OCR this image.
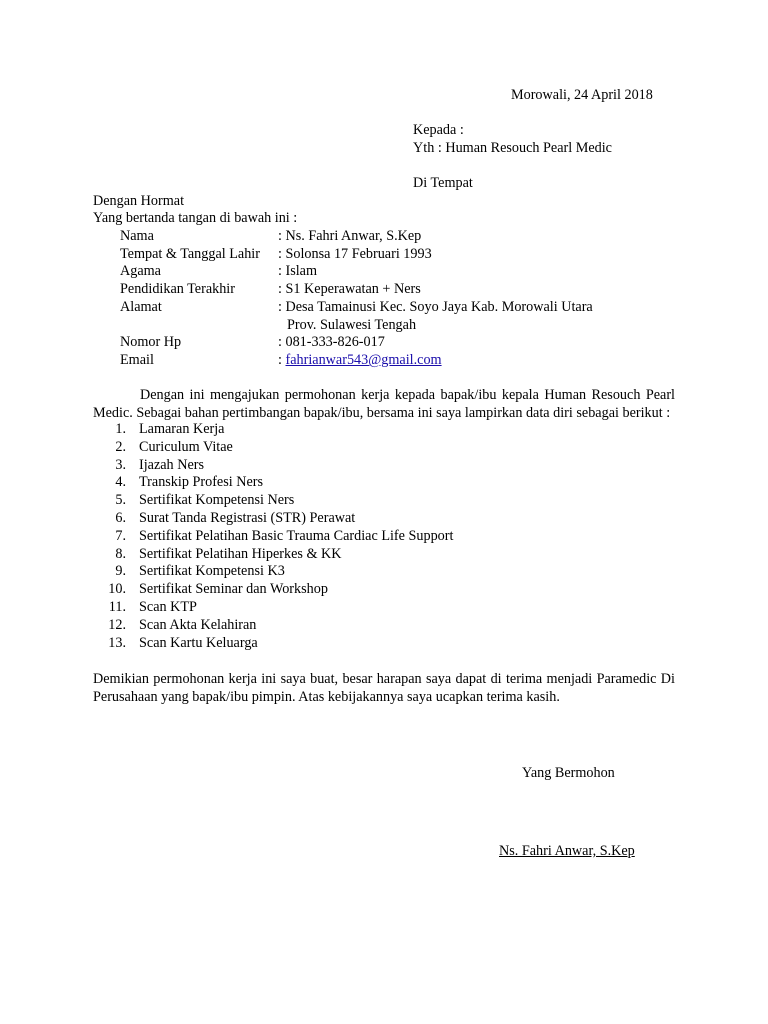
Morowali, 24 April 2018
Kepada :
Yth : Human Resouch Pearl Medic
Di Tempat
Dengan Hormat
Yang bertanda tangan di bawah ini :
Nama	: Ns. Fahri Anwar, S.Kep
Tempat & Tanggal Lahir : Solonsa 17 Februari 1993
Agama	: Islam
Pendidikan Terakhir	: S1 Keperawatan + Ners
Alamat	: Desa Tamainusi Kec. Soyo Jaya Kab. Morowali Utara
Prov. Sulawesi Tengah
Nomor Hp	: 081-333-826-017
Email	: fahrianwar543@gmail.com
Dengan ini mengajukan permohonan kerja kepada bapak/ibu kepala Human Resouch Pearl
Medic. Sebagai bahan pertimbangan bapak/ibu, bersama ini saya lampirkan data diri sebagai berikut :
1. Lamaran Kerja
2. Curiculum Vitae
3. Ijazah Ners
4. Transkip Profesi Ners
5. Sertifikat Kompetensi Ners
6. Surat Tanda Registrasi (STR) Perawat
7. Sertifikat Pelatihan Basic Trauma Cardiac Life Support
8. Sertifikat Pelatihan Hiperkes & KK
9. Sertifikat Kompetensi K3
10. Sertifikat Seminar dan Workshop
11. Scan KTP
12. Scan Akta Kelahiran
13. Scan Kartu Keluarga
Demikian permohonan kerja ini saya buat, besar harapan saya dapat di terima menjadi Paramedic Di
Perusahaan yang bapak/ibu pimpin. Atas kebijakannya saya ucapkan terima kasih.
Yang Bermohon
Ns. Fahri Anwar, S.Kep
